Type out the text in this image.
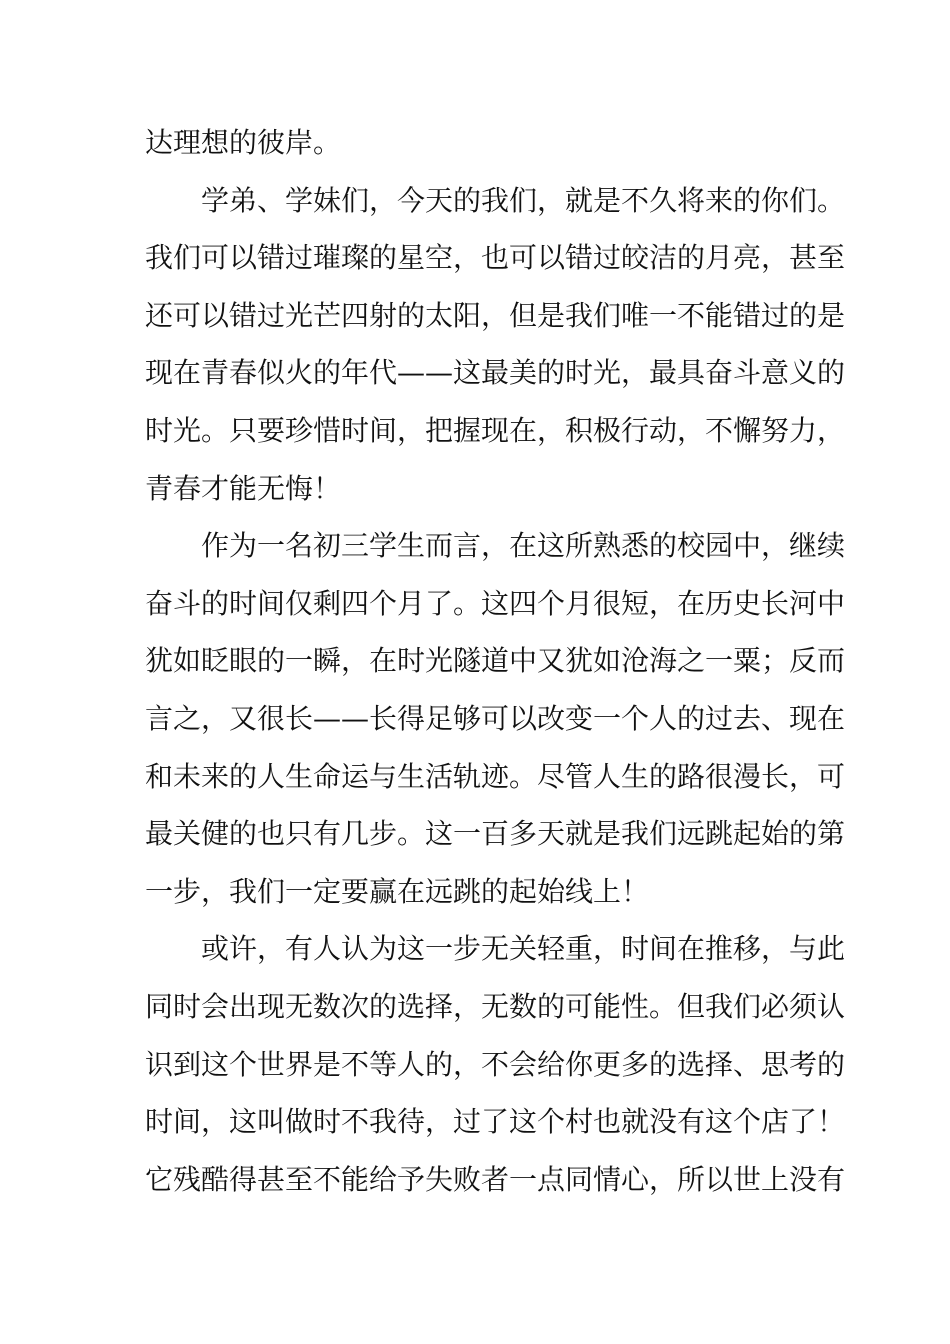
达理想的彼岸。
学弟、学妹们，今天的我们，就是不久将来的你们。
我们可以错过璀璨的星空，也可以错过皎洁的月亮，甚至
还可以错过光芒四射的太阳，但是我们唯一不能错过的是
现在青春似火的年代——这最美的时光，最具奋斗意义的
时光。只要珍惜时间，把握现在，积极行动，不懈努力，
青春才能无悔！
作为一名初三学生而言，在这所熟悉的校园中，继续
奋斗的时间仅剩四个月了。这四个月很短，在历史长河中
犹如眨眼的一瞬，在时光隧道中又犹如沧海之一粟；反而
言之，又很长——长得足够可以改变一个人的过去、现在
和未来的人生命运与生活轨迹。尽管人生的路很漫长，可
最关健的也只有几步。这一百多天就是我们远跳起始的第
一步，我们一定要赢在远跳的起始线上！
或许，有人认为这一步无关轻重，时间在推移，与此
同时会出现无数次的选择，无数的可能性。但我们必须认
识到这个世界是不等人的，不会给你更多的选择、思考的
时间，这叫做时不我待，过了这个村也就没有这个店了！
它残酷得甚至不能给予失败者一点同情心，所以世上没有
